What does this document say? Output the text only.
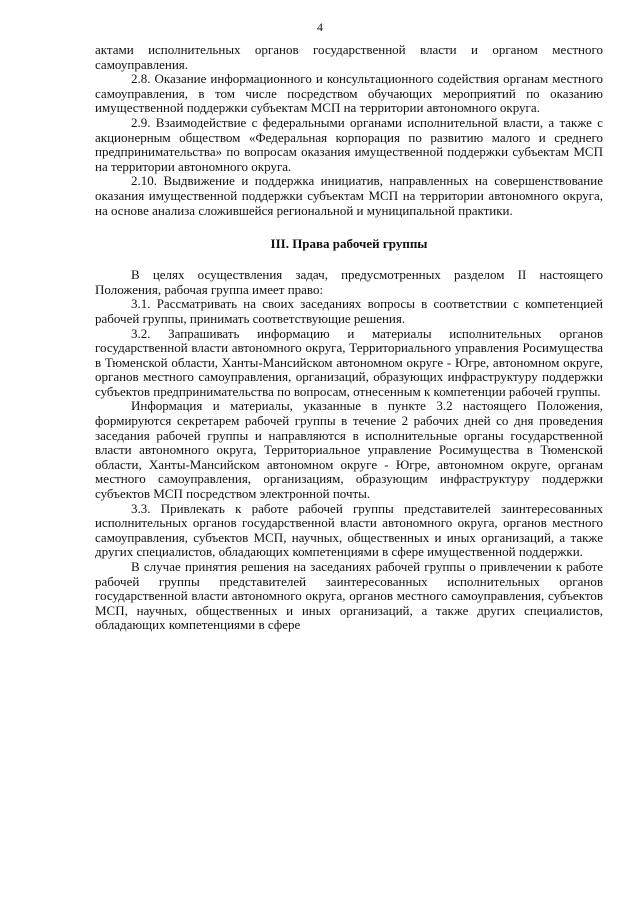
4

актами исполнительных органов государственной власти и органом местного самоуправления.

2.8. Оказание информационного и консультационного содействия органам местного самоуправления, в том числе посредством обучающих мероприятий по оказанию имущественной поддержки субъектам МСП на территории автономного округа.

2.9. Взаимодействие с федеральными органами исполнительной власти, а также с акционерным обществом «Федеральная корпорация по развитию малого и среднего предпринимательства» по вопросам оказания имущественной поддержки субъектам МСП на территории автономного округа.

2.10. Выдвижение и поддержка инициатив, направленных на совершенствование оказания имущественной поддержки субъектам МСП на территории автономного округа, на основе анализа сложившейся региональной и муниципальной практики.

III. Права рабочей группы

В целях осуществления задач, предусмотренных разделом II настоящего Положения, рабочая группа имеет право:

3.1. Рассматривать на своих заседаниях вопросы в соответствии с компетенцией рабочей группы, принимать соответствующие решения.

3.2. Запрашивать информацию и материалы исполнительных органов государственной власти автономного округа, Территориального управления Росимущества в Тюменской области, Ханты-Мансийском автономном округе - Югре, автономном округе, органов местного самоуправления, организаций, образующих инфраструктуру поддержки субъектов предпринимательства по вопросам, отнесенным к компетенции рабочей группы.

Информация и материалы, указанные в пункте 3.2 настоящего Положения, формируются секретарем рабочей группы в течение 2 рабочих дней со дня проведения заседания рабочей группы и направляются в исполнительные органы государственной власти автономного округа, Территориальное управление Росимущества в Тюменской области, Ханты-Мансийском автономном округе - Югре, автономном округе, органам местного самоуправления, организациям, образующим инфраструктуру поддержки субъектов МСП посредством электронной почты.

3.3. Привлекать к работе рабочей группы представителей заинтересованных исполнительных органов государственной власти автономного округа, органов местного самоуправления, субъектов МСП, научных, общественных и иных организаций, а также других специалистов, обладающих компетенциями в сфере имущественной поддержки.

В случае принятия решения на заседаниях рабочей группы о привлечении к работе рабочей группы представителей заинтересованных исполнительных органов государственной власти автономного округа, органов местного самоуправления, субъектов МСП, научных, общественных и иных организаций, а также других специалистов, обладающих компетенциями в сфере
